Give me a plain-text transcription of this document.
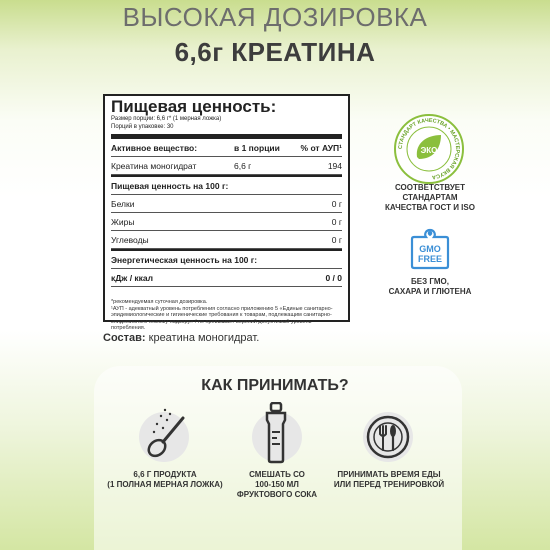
ВЫСОКАЯ ДОЗИРОВКА
6,6г КРЕАТИНА
Пищевая ценность:
Размер порции: 6,6 г* (1 мерная ложка)
Порций в упаковке: 30
Активное вещество:	в 1 порции	% от АУП¹
Креатина моногидрат	6,6 г	194
Пищевая ценность на 100 г:
Белки	0 г
Жиры	0 г
Углеводы	0 г
Энергетическая ценность на 100 г:
кДж / ккал	0 / 0
*рекомендуемая суточная дозировка.
¹АУП - адекватный уровень потребления согласно приложению 5 «Единые санитарно-эпидемиологические и гигиенические требования к товарам, подлежащим санитарно-эпидемиологическому надзору» / не превышает верхний допустимый уровень потребления.
СТАНДАРТ КАЧЕСТВА • МАСТЕРСКАЯ ВКУСА
ЭКО
СООТВЕТСТВУЕТ
СТАНДАРТАМ
КАЧЕСТВА ГОСТ И ISO
GMO
FREE
БЕЗ ГМО,
САХАРА И ГЛЮТЕНА
Состав: креатина моногидрат.
КАК ПРИНИМАТЬ?
6,6 Г ПРОДУКТА
(1 ПОЛНАЯ МЕРНАЯ ЛОЖКА)
СМЕШАТЬ СО
100-150 МЛ
ФРУКТОВОГО СОКА
ПРИНИМАТЬ ВРЕМЯ ЕДЫ
ИЛИ ПЕРЕД ТРЕНИРОВКОЙ
